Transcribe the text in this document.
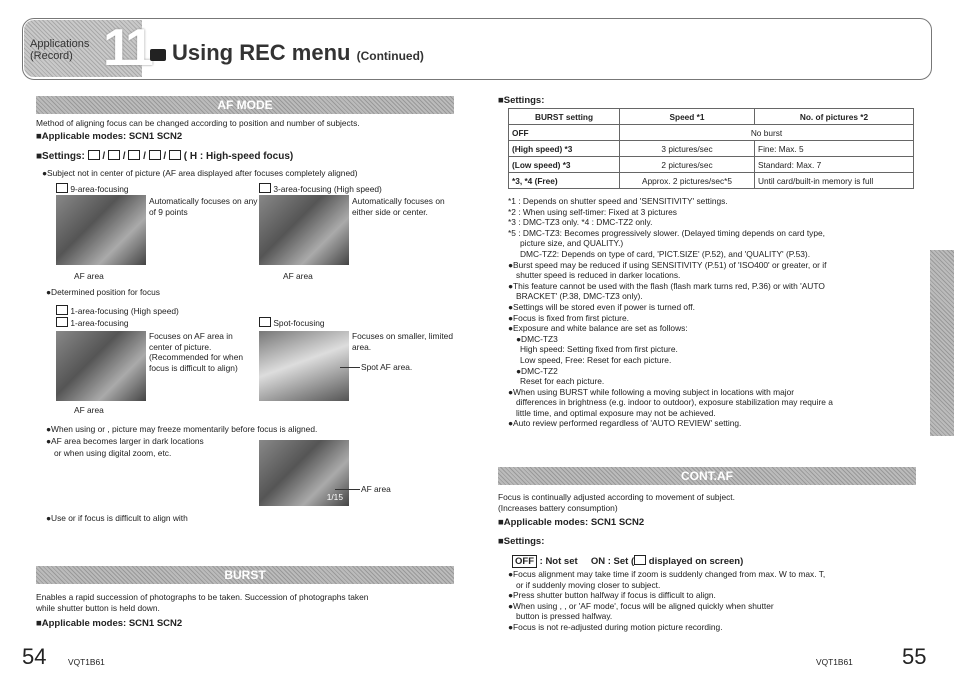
Applications
(Record) 11	Using REC menu (Continued)
AF MODE
Method of aligning focus can be changed according to position and number of subjects.
■Applicable modes: SCN1 SCN2
■Settings:  /  /  /  /  ( H : High-speed focus)
●Subject not in center of picture (AF area displayed after focuses completely aligned)
9-area-focusing
Automatically focuses on any of 9 points
AF area
3-area-focusing (High speed)
Automatically focuses on either side or center.
AF area
●Determined position for focus
1-area-focusing (High speed)
1-area-focusing
Focuses on AF area in center of picture. (Recommended for when focus is difficult to align)
AF area
Spot-focusing
Focuses on smaller, limited area.
Spot AF area.
●When using or , picture may freeze momentarily before focus is aligned.
●AF area becomes larger in dark locations
or when using digital zoom, etc.
1/15
AF area
●Use or if focus is difficult to align with
BURST
Enables a rapid succession of photographs to be taken. Succession of photographs taken
while shutter button is held down.
■Applicable modes: SCN1 SCN2
54	VQT1B61
■Settings:
BURST setting	Speed *1	No. of pictures *2
OFF	No burst	
(High speed) *3	3 pictures/sec	Fine: Max. 5
(Low speed) *3	2 pictures/sec	Standard: Max. 7
*3, *4 (Free)	Approx. 2 pictures/sec*5	Until card/built-in memory is full
*1 : Depends on shutter speed and 'SENSITIVITY' settings.
*2 : When using self-timer: Fixed at 3 pictures
*3 : DMC-TZ3 only. *4 : DMC-TZ2 only.
*5 : DMC-TZ3: Becomes progressively slower. (Delayed timing depends on card type,
picture size, and QUALITY.)
DMC-TZ2: Depends on type of card, 'PICT.SIZE' (P.52), and 'QUALITY' (P.53).
●Burst speed may be reduced if using SENSITIVITY (P.51) of 'ISO400' or greater, or if
shutter speed is reduced in darker locations.
●This feature cannot be used with the flash (flash mark turns red, P.36) or with 'AUTO
BRACKET' (P.38, DMC-TZ3 only).
●Settings will be stored even if power is turned off.
●Focus is fixed from first picture.
●Exposure and white balance are set as follows:
●DMC-TZ3
High speed: Setting fixed from first picture.
Low speed, Free: Reset for each picture.
●DMC-TZ2
Reset for each picture.
●When using BURST while following a moving subject in locations with major
differences in brightness (e.g. indoor to outdoor), exposure stabilization may require a
little time, and optimal exposure may not be achieved.
●Auto review performed regardless of 'AUTO REVIEW' setting.
CONT.AF
Focus is continually adjusted according to movement of subject.
(Increases battery consumption)
■Applicable modes: SCN1 SCN2
■Settings:
OFF : Not set ON : Set ( displayed on screen)
●Focus alignment may take time if zoom is suddenly changed from max. W to max. T,
or if suddenly moving closer to subject.
●Press shutter button halfway if focus is difficult to align.
●When using , , or 'AF mode', focus will be aligned quickly when shutter
button is pressed halfway.
●Focus is not re-adjusted during motion picture recording.
VQT1B61 55
